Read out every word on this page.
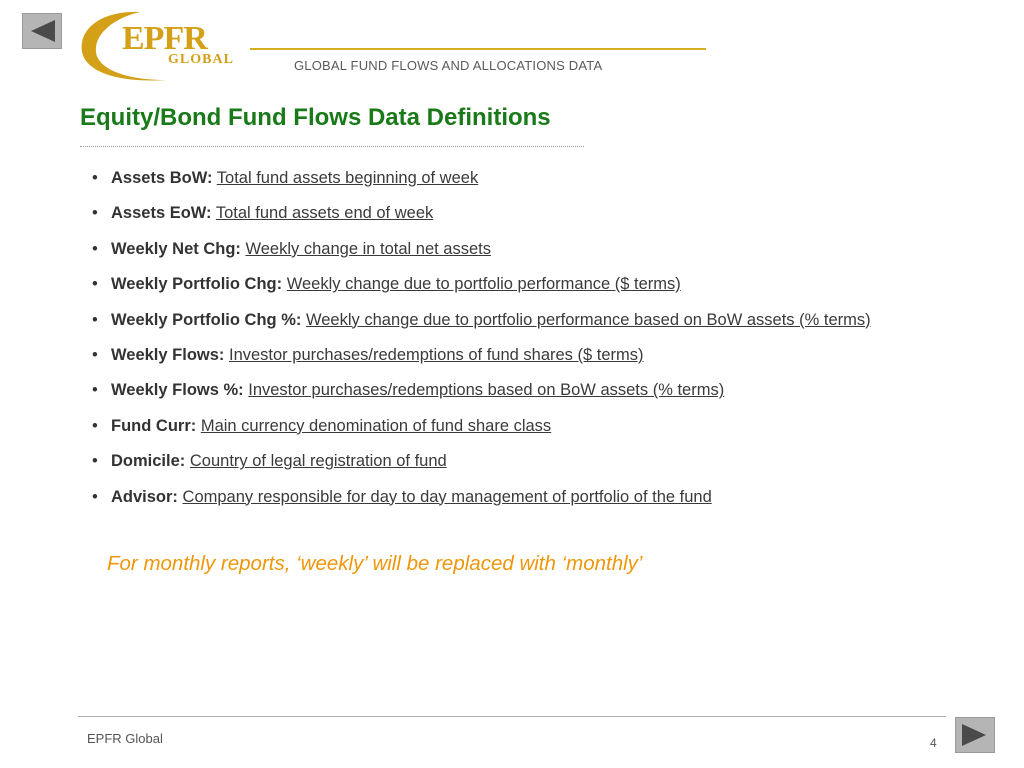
EPFR
GLOBAL	GLOBAL FUND FLOWS AND ALLOCATIONS DATA
Equity/Bond Fund Flows Data Definitions
• Assets BoW: Total fund assets beginning of week
• Assets EoW: Total fund assets end of week
• Weekly Net Chg: Weekly change in total net assets
• Weekly Portfolio Chg: Weekly change due to portfolio performance ($ terms)
• Weekly Portfolio Chg %: Weekly change due to portfolio performance based on BoW assets (% terms)
• Weekly Flows: Investor purchases/redemptions of fund shares ($ terms)
• Weekly Flows %: Investor purchases/redemptions based on BoW assets (% terms)
• Fund Curr: Main currency denomination of fund share class
• Domicile: Country of legal registration of fund
• Advisor: Company responsible for day to day management of portfolio of the fund

For monthly reports, ‘weekly’ will be replaced with ‘monthly’

EPFR Global	4
